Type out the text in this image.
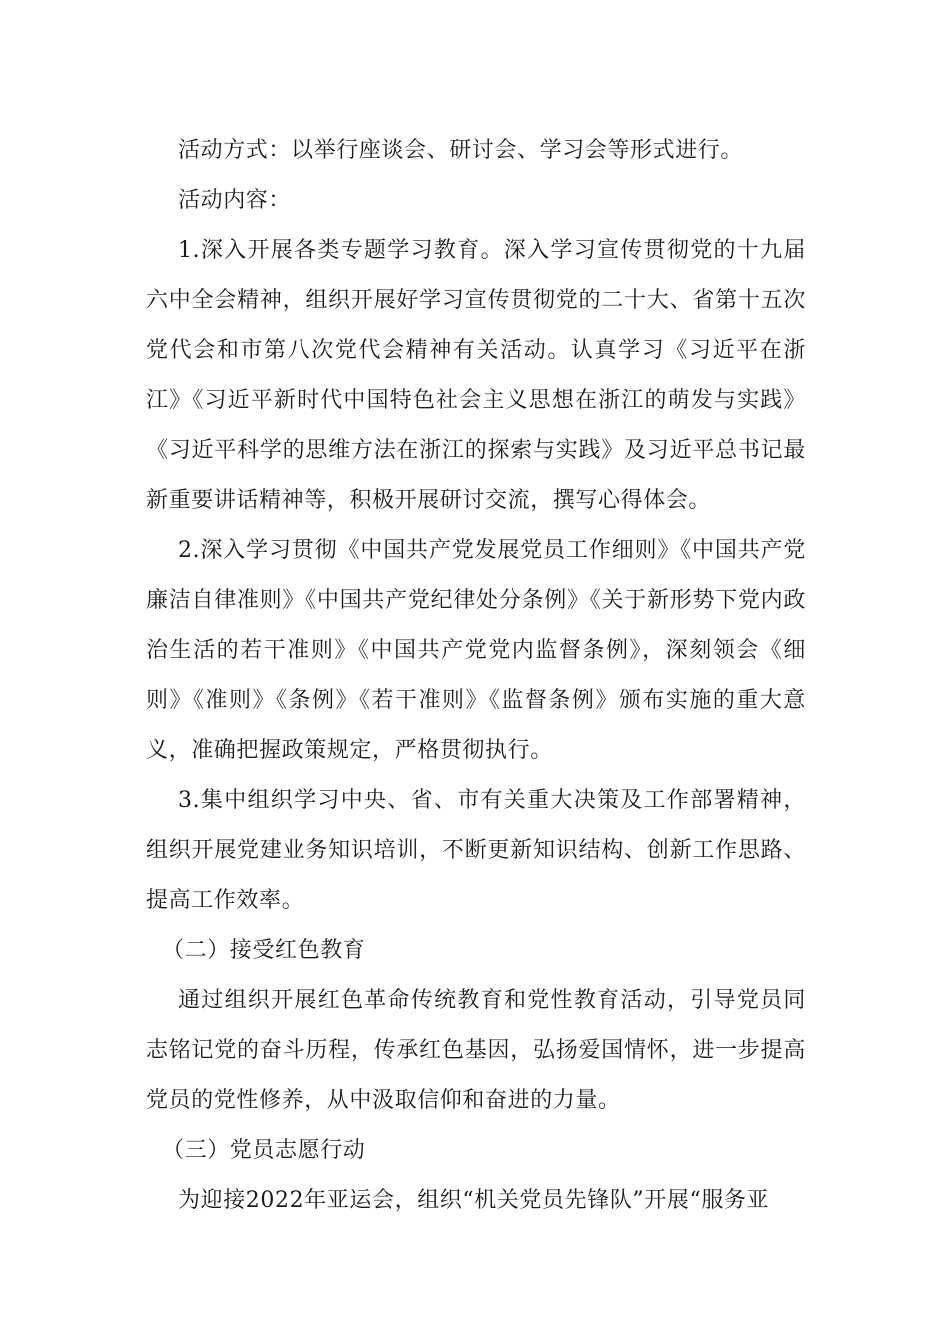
活动方式：以举行座谈会、研讨会、学习会等形式进行。

活动内容：

1.深入开展各类专题学习教育。深入学习宣传贯彻党的十九届六中全会精神，组织开展好学习宣传贯彻党的二十大、省第十五次党代会和市第八次党代会精神有关活动。认真学习《习近平在浙江》《习近平新时代中国特色社会主义思想在浙江的萌发与实践》《习近平科学的思维方法在浙江的探索与实践》及习近平总书记最新重要讲话精神等，积极开展研讨交流，撰写心得体会。

2.深入学习贯彻《中国共产党发展党员工作细则》《中国共产党廉洁自律准则》《中国共产党纪律处分条例》《关于新形势下党内政治生活的若干准则》《中国共产党党内监督条例》，深刻领会《细则》《准则》《条例》《若干准则》《监督条例》颁布实施的重大意义，准确把握政策规定，严格贯彻执行。

3.集中组织学习中央、省、市有关重大决策及工作部署精神，组织开展党建业务知识培训，不断更新知识结构、创新工作思路、提高工作效率。

（二）接受红色教育

通过组织开展红色革命传统教育和党性教育活动，引导党员同志铭记党的奋斗历程，传承红色基因，弘扬爱国情怀，进一步提高党员的党性修养，从中汲取信仰和奋进的力量。

（三）党员志愿行动

为迎接2022年亚运会，组织“机关党员先锋队”开展“服务亚
